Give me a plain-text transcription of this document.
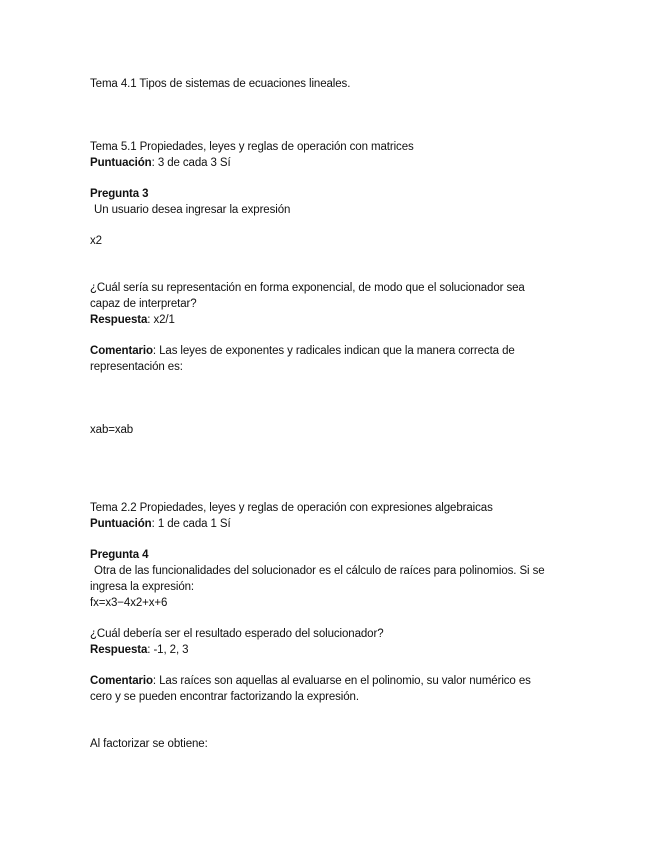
Tema 4.1 Tipos de sistemas de ecuaciones lineales.
Tema 5.1 Propiedades, leyes y reglas de operación con matrices
Puntuación: 3 de cada 3 Sí
Pregunta 3
Un usuario desea ingresar la expresión
x2
¿Cuál sería su representación en forma exponencial, de modo que el solucionador sea capaz de interpretar?
Respuesta: x2/1
Comentario: Las leyes de exponentes y radicales indican que la manera correcta de representación es:
xab=xab
Tema 2.2 Propiedades, leyes y reglas de operación con expresiones algebraicas
Puntuación: 1 de cada 1 Sí
Pregunta 4
Otra de las funcionalidades del solucionador es el cálculo de raíces para polinomios. Si se ingresa la expresión:
fx=x3−4x2+x+6
¿Cuál debería ser el resultado esperado del solucionador?
Respuesta: -1, 2, 3
Comentario: Las raíces son aquellas al evaluarse en el polinomio, su valor numérico es cero y se pueden encontrar factorizando la expresión.
Al factorizar se obtiene:
